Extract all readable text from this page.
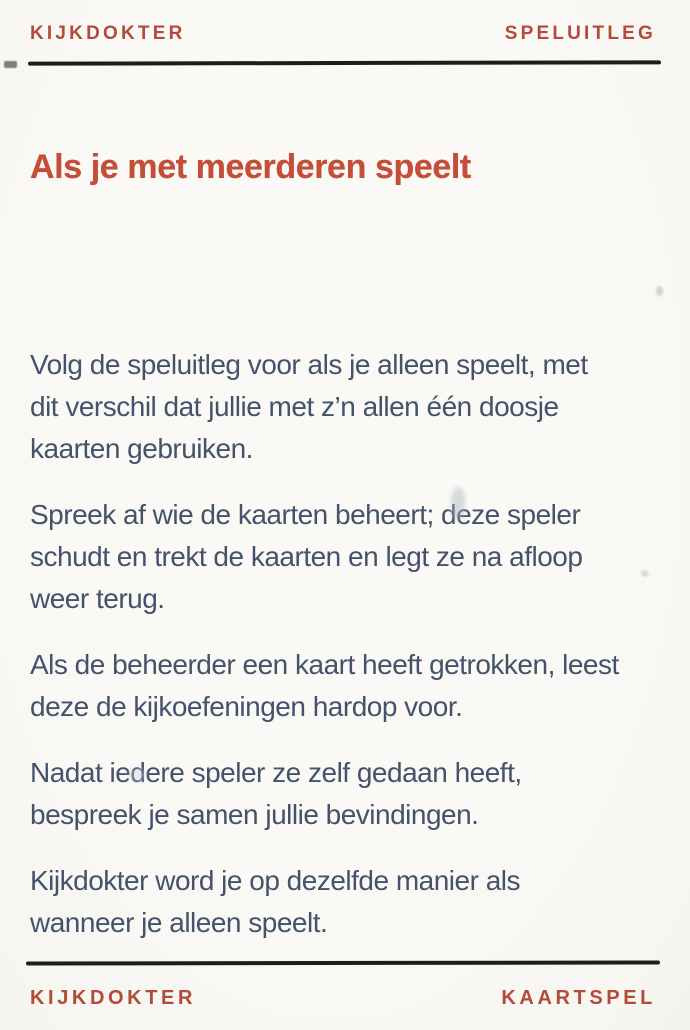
KIJKDOKTER	SPELUITLEG
Als je met meerderen speelt

Volg de speluitleg voor als je alleen speelt, met
dit verschil dat jullie met z’n allen één doosje
kaarten gebruiken.

Spreek af wie de kaarten beheert; deze speler
schudt en trekt de kaarten en legt ze na afloop
weer terug.

Als de beheerder een kaart heeft getrokken, leest
deze de kijkoefeningen hardop voor.

Nadat iedere speler ze zelf gedaan heeft,
bespreek je samen jullie bevindingen.

Kijkdokter word je op dezelfde manier als
wanneer je alleen speelt.

KIJKDOKTER	KAARTSPEL
